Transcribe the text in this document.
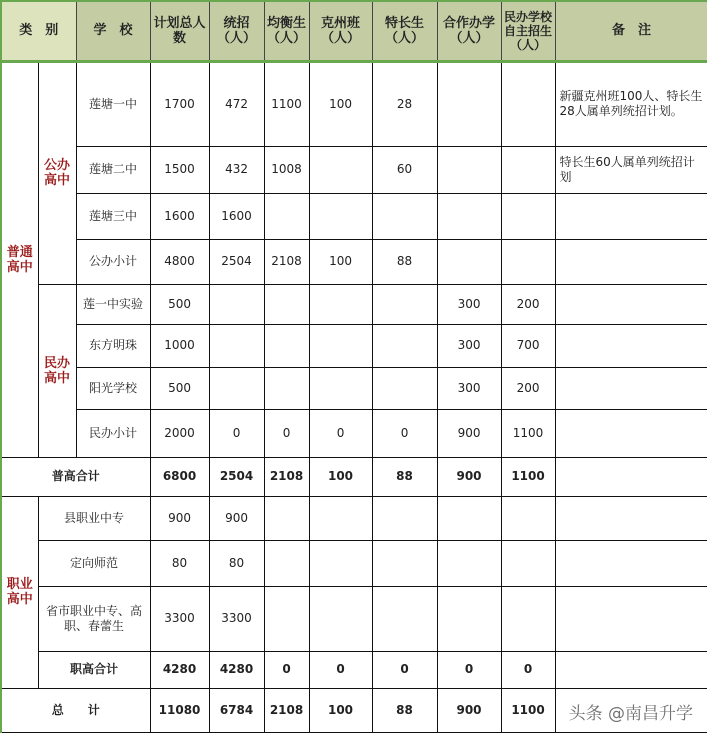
类　别		学　校	计划总人数	统招（人）	均衡生（人）	克州班（人）	特长生（人）	合作办学（人）	民办学校自主招生（人）	备　注
普通高中	公办高中	莲塘一中	1700	472	1100	100	28			新疆克州班100人、特长生28人属单列统招计划。
		莲塘二中	1500	432	1008		60			特长生60人属单列统招计划
		莲塘三中	1600	1600						
		公办小计	4800	2504	2108	100	88			
	民办高中	莲一中实验	500					300	200	
		东方明珠	1000					300	700	
		阳光学校	500					300	200	
		民办小计	2000	0	0	0	0	900	1100	
普高合计			6800	2504	2108	100	88	900	1100	
职业高中	县职业中专		900	900						
	定向师范		80	80						
	省市职业中专、高职、春蕾生		3300	3300						
	职高合计		4280	4280	0	0	0	0	0	
总　　计			11080	6784	2108	100	88	900	1100	头条 @南昌升学
